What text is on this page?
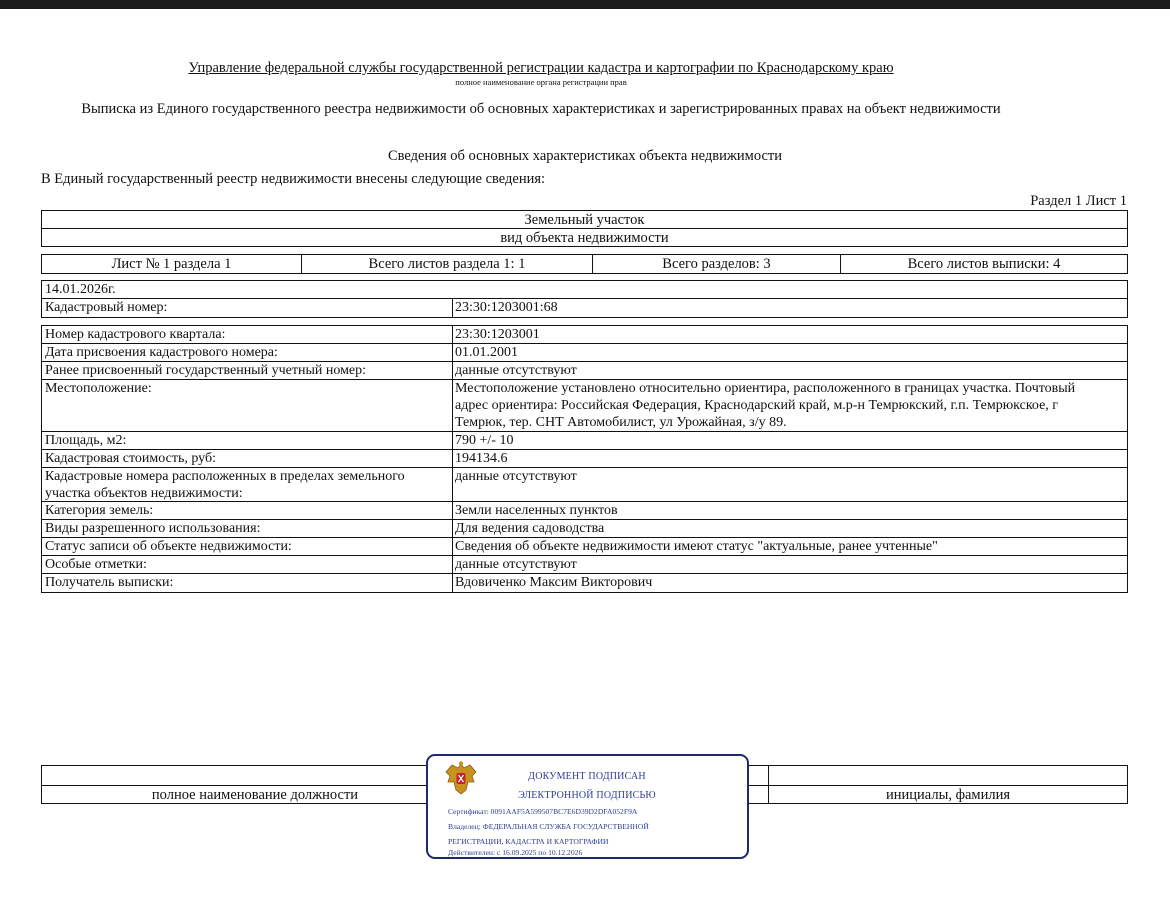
Управление федеральной службы государственной регистрации кадастра и картографии по Краснодарскому краю
полное наименование органа регистрации прав
Выписка из Единого государственного реестра недвижимости об основных характеристиках и зарегистрированных правах на объект недвижимости
Сведения об основных характеристиках объекта недвижимости
В Единый государственный реестр недвижимости внесены следующие сведения:
Раздел 1 Лист 1
Земельный участок
вид объекта недвижимости
Лист № 1 раздела 1	Всего листов раздела 1: 1	Всего разделов: 3	Всего листов выписки: 4
14.01.2026г.
Кадастровый номер:	23:30:1203001:68
Номер кадастрового квартала:	23:30:1203001
Дата присвоения кадастрового номера:	01.01.2001
Ранее присвоенный государственный учетный номер:	данные отсутствуют
Местоположение:	Местоположение установлено относительно ориентира, расположенного в границах участка. Почтовый адрес ориентира: Российская Федерация, Краснодарский край, м.р-н Темрюкский, г.п. Темрюкское, г Темрюк, тер. СНТ Автомобилист, ул Урожайная, з/у 89.
Площадь, м2:	790 +/- 10
Кадастровая стоимость, руб:	194134.6
Кадастровые номера расположенных в пределах земельного участка объектов недвижимости:
данные отсутствуют
Категория земель:	Земли населенных пунктов
Виды разрешенного использования:	Для ведения садоводства
Статус записи об объекте недвижимости:	Сведения об объекте недвижимости имеют статус "актуальные, ранее учтенные"
Особые отметки:	данные отсутствуют
Получатель выписки:	Вдовиченко Максим Викторович
полное наименование должности	инициалы, фамилия
ДОКУМЕНТ ПОДПИСАН
ЭЛЕКТРОННОЙ ПОДПИСЬЮ
Сертификат: 0091AAF5A599507BC7E6D39D2DFA052F9A
Владелец: ФЕДЕРАЛЬНАЯ СЛУЖБА ГОСУДАРСТВЕННОЙ
РЕГИСТРАЦИИ, КАДАСТРА И КАРТОГРАФИИ
Действителен: с 16.09.2025 по 10.12.2026
